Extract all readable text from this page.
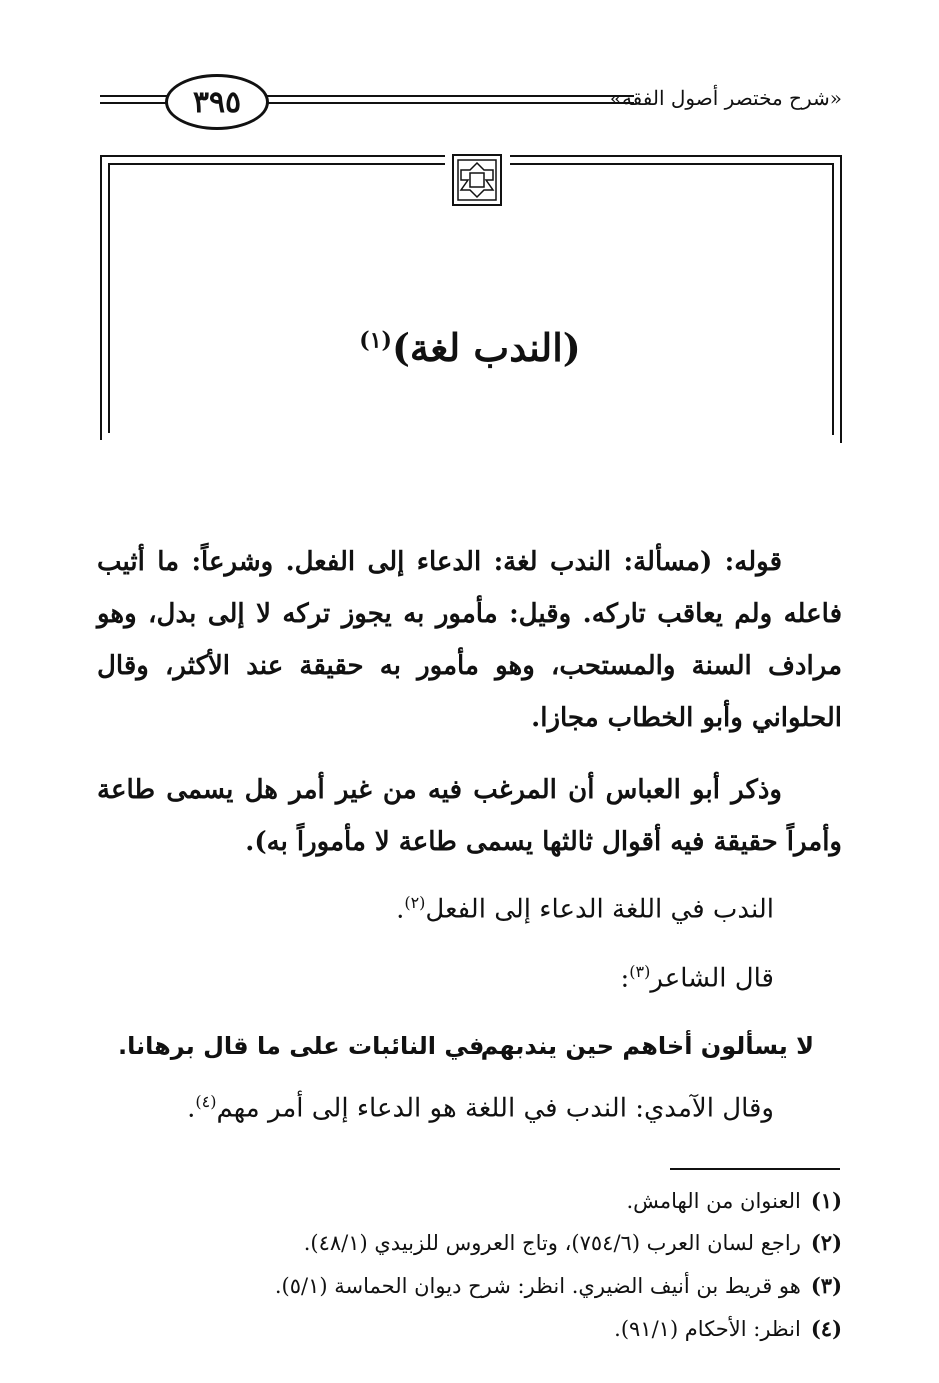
٣٩٥	«شرح مختصر أصول الفقه»
(الندب لغة)$^{(١)}$
قوله: (مسألة: الندب لغة: الدعاء إلى الفعل. وشرعاً: ما أثيب فاعله ولم يعاقب تاركه. وقيل: مأمور به يجوز تركه لا إلى بدل، وهو مرادف السنة والمستحب، وهو مأمور به حقيقة عند الأكثر، وقال الحلواني وأبو الخطاب مجازا.
وذكر أبو العباس أن المرغب فيه من غير أمر هل يسمى طاعة وأمراً حقيقة فيه أقوال ثالثها يسمى طاعة لا مأموراً به).
الندب في اللغة الدعاء إلى الفعل$^{(٢)}$.
قال الشاعر$^{(٣)}$:
لا يسألون أخاهم حين يندبهم
في النائبات على ما قال برهانا.
وقال الآمدي: الندب في اللغة هو الدعاء إلى أمر مهم$^{(٤)}$.
(١)العنوان من الهامش.
(٢)راجع لسان العرب (٧٥٤/٦)، وتاج العروس للزبيدي (٤٨/١).
(٣)هو قريط بن أنيف الضيري. انظر: شرح ديوان الحماسة (٥/١).
(٤)انظر: الأحكام (٩١/١).
